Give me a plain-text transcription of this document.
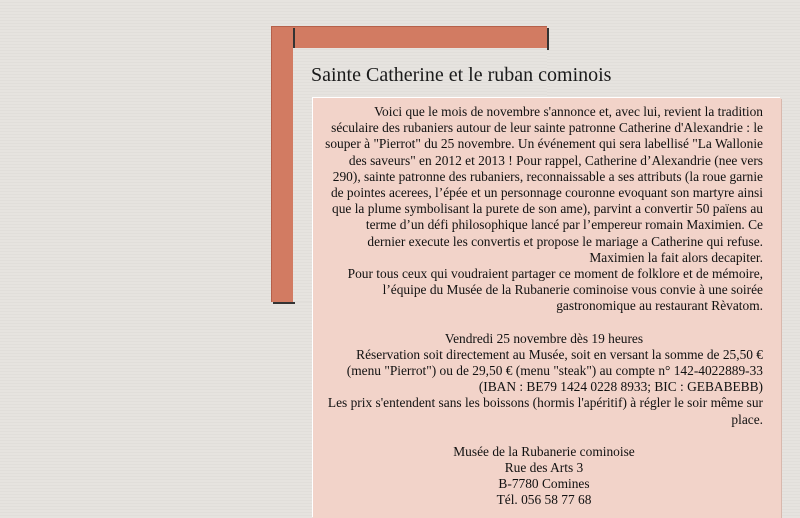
Sainte Catherine et le ruban cominois

Voici que le mois de novembre s'annonce et, avec lui, revient la tradition séculaire des rubaniers autour de leur sainte patronne Catherine d'Alexandrie : le souper à "Pierrot" du 25 novembre. Un événement qui sera labellisé "La Wallonie des saveurs" en 2012 et 2013 ! Pour rappel, Catherine d’Alexandrie (nee vers 290), sainte patronne des rubaniers, reconnaissable a ses attributs (la roue garnie de pointes acerees, l’épée et un personnage couronne evoquant son martyre ainsi que la plume symbolisant la purete de son ame), parvint a convertir 50 païens au terme d’un défi philosophique lancé par l’empereur romain Maximien. Ce dernier execute les convertis et propose le mariage a Catherine qui refuse. Maximien la fait alors decapiter.

Pour tous ceux qui voudraient partager ce moment de folklore et de mémoire, l’équipe du Musée de la Rubanerie cominoise vous convie à une soirée gastronomique au restaurant Rèvatom.

Vendredi 25 novembre dès 19 heures

Réservation soit directement au Musée, soit en versant la somme de 25,50 € (menu "Pierrot") ou de 29,50 € (menu "steak") au compte n° 142-4022889-33 (IBAN : BE79 1424 0228 8933; BIC : GEBABEBB)

Les prix s'entendent sans les boissons (hormis l'apéritif) à régler le soir même sur place.

Musée de la Rubanerie cominoise
Rue des Arts 3
B-7780 Comines
Tél. 056 58 77 68
